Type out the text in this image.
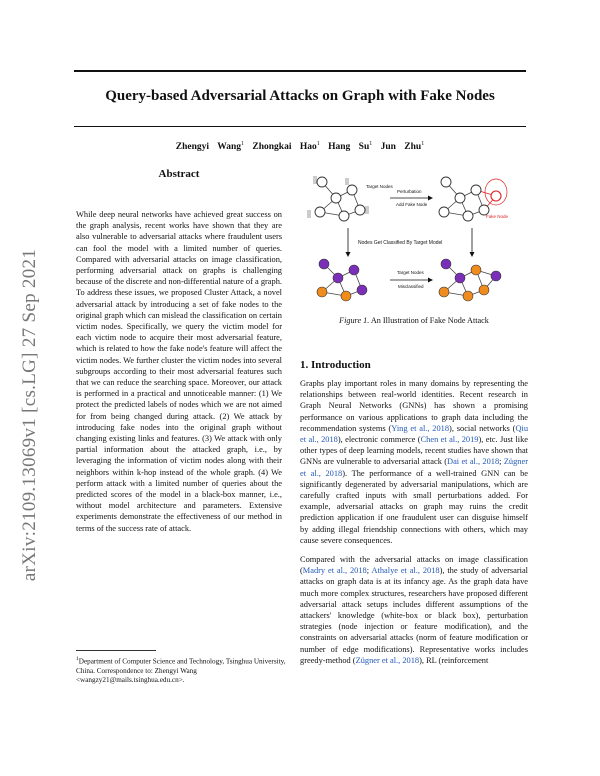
Query-based Adversarial Attacks on Graph with Fake Nodes
Zhengyi Wang$^1$ Zhongkai Hao$^1$ Hang Su$^1$ Jun Zhu$^1$
arXiv:2109.13069v1 [cs.LG] 27 Sep 2021
Abstract
While deep neural networks have achieved great success on the graph analysis, recent works have shown that they are also vulnerable to adversarial attacks where fraudulent users can fool the model with a limited number of queries. Compared with adversarial attacks on image classification, performing adversarial attack on graphs is challenging because of the discrete and non-differential nature of a graph. To address these issues, we proposed Cluster Attack, a novel adversarial attack by introducing a set of fake nodes to the original graph which can mislead the classification on certain victim nodes. Specifically, we query the victim model for each victim node to acquire their most adversarial feature, which is related to how the fake node's feature will affect the victim nodes. We further cluster the victim nodes into several subgroups according to their most adversarial features such that we can reduce the searching space. Moreover, our attack is performed in a practical and unnoticeable manner: (1) We protect the predicted labels of nodes which we are not aimed for from being changed during attack. (2) We attack by introducing fake nodes into the original graph without changing existing links and features. (3) We attack with only partial information about the attacked graph, i.e., by leveraging the information of victim nodes along with their neighbors within k-hop instead of the whole graph. (4) We perform attack with a limited number of queries about the predicted scores of the model in a black-box manner, i.e., without model architecture and parameters. Extensive experiments demonstrate the effectiveness of our method in terms of the success rate of attack.
$^1$Department of Computer Science and Technology, Tsinghua University, China. Correspondence to: Zhengyi Wang <wangzy21@mails.tsinghua.edu.cn>.
Target Nodes
Perturbation
Add Fake Node
Fake Node
Nodes Get Classified By Target Model
Target Nodes
Misclassified
Figure 1. An Illustration of Fake Node Attack
1. Introduction

Graphs play important roles in many domains by representing the relationships between real-world identities. Recent research in Graph Neural Networks (GNNs) has shown a promising performance on various applications to graph data including the recommendation systems (Ying et al., 2018), social networks (Qiu et al., 2018), electronic commerce (Chen et al., 2019), etc. Just like other types of deep learning models, recent studies have shown that GNNs are vulnerable to adversarial attack (Dai et al., 2018; Zügner et al., 2018). The performance of a well-trained GNN can be significantly degenerated by adversarial manipulations, which are carefully crafted inputs with small perturbations added. For example, adversarial attacks on graph may ruins the credit prediction application if one fraudulent user can disguise himself by adding illegal friendship connections with others, which may cause severe consequences.

Compared with the adversarial attacks on image classification (Madry et al., 2018; Athalye et al., 2018), the study of adversarial attacks on graph data is at its infancy age. As the graph data have much more complex structures, researchers have proposed different adversarial attack setups includes different assumptions of the attackers' knowledge (white-box or black box), perturbation strategies (node injection or feature modification), and the constraints on adversarial attacks (norm of feature modification or number of edge modifications). Representative works includes greedy-method (Zügner et al., 2018), RL (reinforcement
